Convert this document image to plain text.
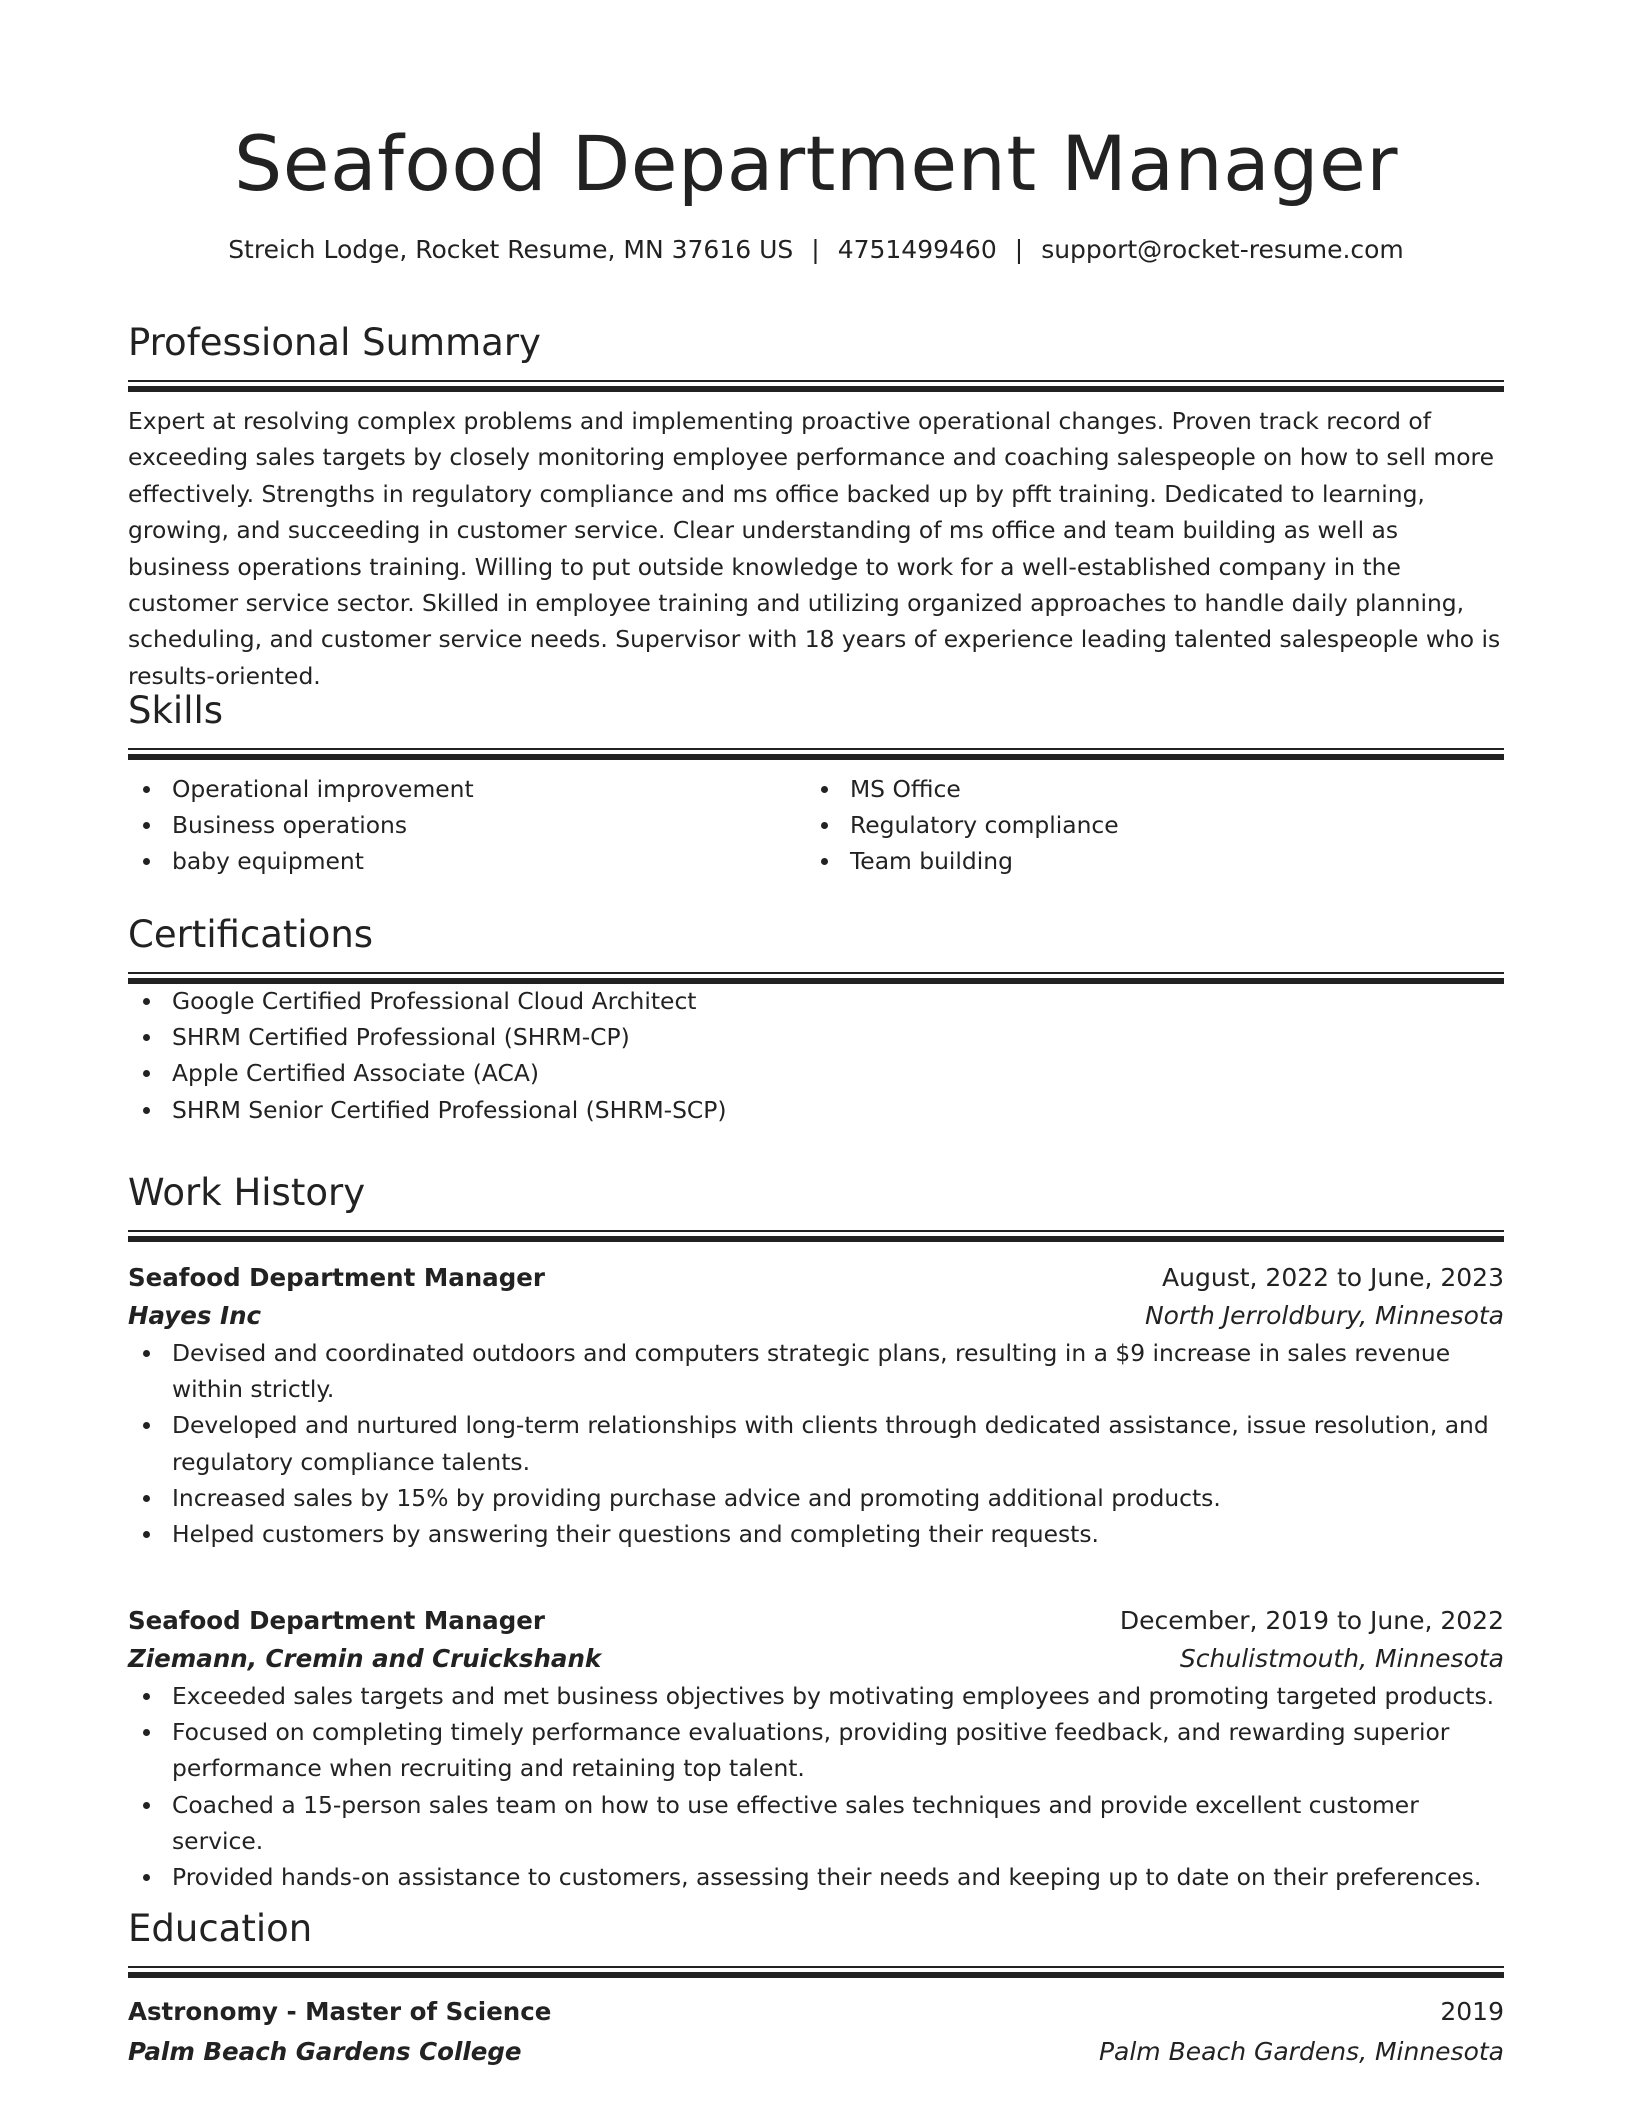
Seafood Department Manager
Streich Lodge, Rocket Resume, MN 37616 US | 4751499460 | support@rocket-resume.com
Professional Summary
Expert at resolving complex problems and implementing proactive operational changes. Proven track record of exceeding sales targets by closely monitoring employee performance and coaching salespeople on how to sell more effectively. Strengths in regulatory compliance and ms office backed up by pfft training. Dedicated to learning, growing, and succeeding in customer service. Clear understanding of ms office and team building as well as business operations training. Willing to put outside knowledge to work for a well-established company in the customer service sector. Skilled in employee training and utilizing organized approaches to handle daily planning, scheduling, and customer service needs. Supervisor with 18 years of experience leading talented salespeople who is results-oriented.
Skills
Operational improvement
Business operations
baby equipment
MS Office
Regulatory compliance
Team building
Certifications
Google Certified Professional Cloud Architect
SHRM Certified Professional (SHRM-CP)
Apple Certified Associate (ACA)
SHRM Senior Certified Professional (SHRM-SCP)
Work History
Seafood Department Manager	August, 2022 to June, 2023
Hayes Inc	North Jerroldbury, Minnesota
Devised and coordinated outdoors and computers strategic plans, resulting in a $9 increase in sales revenue within strictly.
Developed and nurtured long-term relationships with clients through dedicated assistance, issue resolution, and regulatory compliance talents.
Increased sales by 15% by providing purchase advice and promoting additional products.
Helped customers by answering their questions and completing their requests.
Seafood Department Manager	December, 2019 to June, 2022
Ziemann, Cremin and Cruickshank	Schulistmouth, Minnesota
Exceeded sales targets and met business objectives by motivating employees and promoting targeted products.
Focused on completing timely performance evaluations, providing positive feedback, and rewarding superior performance when recruiting and retaining top talent.
Coached a 15-person sales team on how to use effective sales techniques and provide excellent customer service.
Provided hands-on assistance to customers, assessing their needs and keeping up to date on their preferences.
Education
Astronomy - Master of Science	2019
Palm Beach Gardens College	Palm Beach Gardens, Minnesota
